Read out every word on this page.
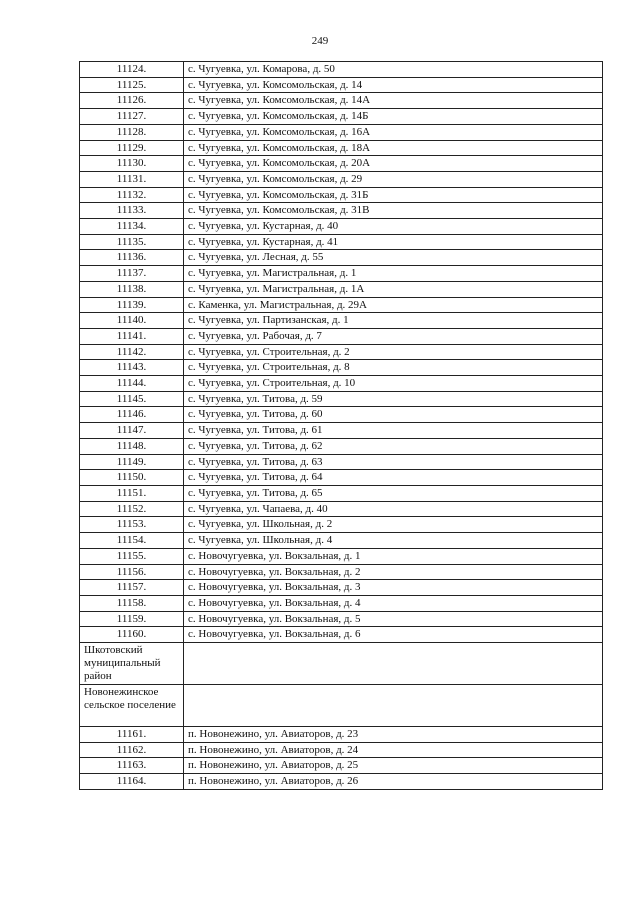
249
11124.	с. Чугуевка, ул. Комарова, д. 50
11125.	с. Чугуевка, ул. Комсомольская, д. 14
11126.	с. Чугуевка, ул. Комсомольская, д. 14А
11127.	с. Чугуевка, ул. Комсомольская, д. 14Б
11128.	с. Чугуевка, ул. Комсомольская, д. 16А
11129.	с. Чугуевка, ул. Комсомольская, д. 18А
11130.	с. Чугуевка, ул. Комсомольская, д. 20А
11131.	с. Чугуевка, ул. Комсомольская, д. 29
11132.	с. Чугуевка, ул. Комсомольская, д. 31Б
11133.	с. Чугуевка, ул. Комсомольская, д. 31В
11134.	с. Чугуевка, ул. Кустарная, д. 40
11135.	с. Чугуевка, ул. Кустарная, д. 41
11136.	с. Чугуевка, ул. Лесная, д. 55
11137.	с. Чугуевка, ул. Магистральная, д. 1
11138.	с. Чугуевка, ул. Магистральная, д. 1А
11139.	с. Каменка, ул. Магистральная, д. 29А
11140.	с. Чугуевка, ул. Партизанская, д. 1
11141.	с. Чугуевка, ул. Рабочая, д. 7
11142.	с. Чугуевка, ул. Строительная, д. 2
11143.	с. Чугуевка, ул. Строительная, д. 8
11144.	с. Чугуевка, ул. Строительная, д. 10
11145.	с. Чугуевка, ул. Титова, д. 59
11146.	с. Чугуевка, ул. Титова, д. 60
11147.	с. Чугуевка, ул. Титова, д. 61
11148.	с. Чугуевка, ул. Титова, д. 62
11149.	с. Чугуевка, ул. Титова, д. 63
11150.	с. Чугуевка, ул. Титова, д. 64
11151.	с. Чугуевка, ул. Титова, д. 65
11152.	с. Чугуевка, ул. Чапаева, д. 40
11153.	с. Чугуевка, ул. Школьная, д. 2
11154.	с. Чугуевка, ул. Школьная, д. 4
11155.	с. Новочугуевка, ул. Вокзальная, д. 1
11156.	с. Новочугуевка, ул. Вокзальная, д. 2
11157.	с. Новочугуевка, ул. Вокзальная, д. 3
11158.	с. Новочугуевка, ул. Вокзальная, д. 4
11159.	с. Новочугуевка, ул. Вокзальная, д. 5
11160.	с. Новочугуевка, ул. Вокзальная, д. 6
Шкотовский муниципальный район	
Новонежинское сельское поселение	
11161.	п. Новонежино, ул. Авиаторов, д. 23
11162.	п. Новонежино, ул. Авиаторов, д. 24
11163.	п. Новонежино, ул. Авиаторов, д. 25
11164.	п. Новонежино, ул. Авиаторов, д. 26
